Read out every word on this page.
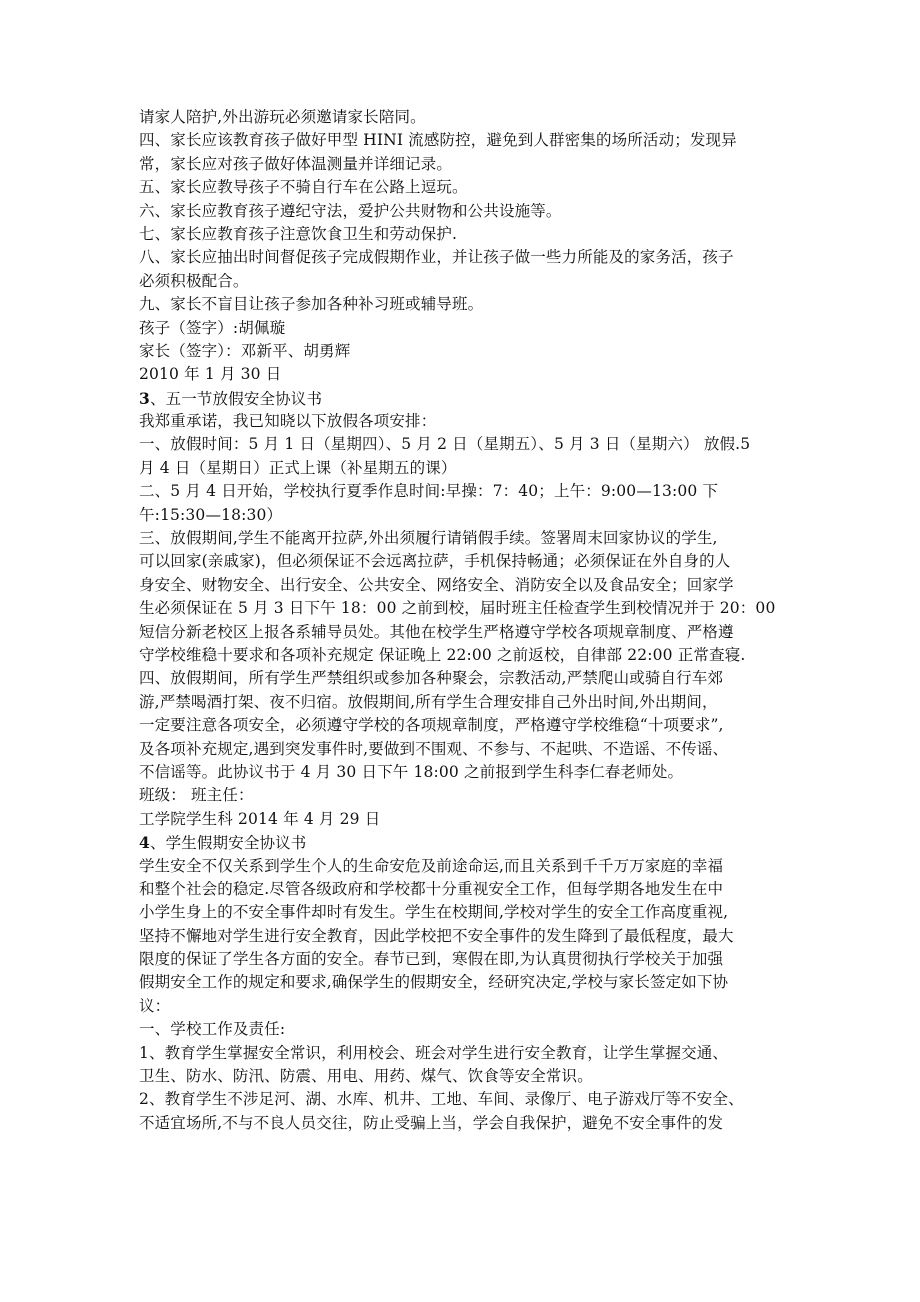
请家人陪护,外出游玩必须邀请家长陪同。
四、家长应该教育孩子做好甲型 HINI 流感防控，避免到人群密集的场所活动；发现异
常，家长应对孩子做好体温测量并详细记录。
五、家长应教导孩子不骑自行车在公路上逗玩。
六、家长应教育孩子遵纪守法，爱护公共财物和公共设施等。
七、家长应教育孩子注意饮食卫生和劳动保护.
八、家长应抽出时间督促孩子完成假期作业，并让孩子做一些力所能及的家务活，孩子
必须积极配合。
九、家长不盲目让孩子参加各种补习班或辅导班。
孩子（签字）:胡佩璇
家长（签字）：邓新平、胡勇辉
2010 年 1 月 30 日
3、五一节放假安全协议书
我郑重承诺，我已知晓以下放假各项安排：
一、放假时间：5 月 1 日（星期四）、5 月 2 日（星期五）、5 月 3 日（星期六） 放假.5
月 4 日（星期日）正式上课（补星期五的课）
二、5 月 4 日开始，学校执行夏季作息时间:早操：7：40；上午：9:00—13:00 下
午:15:30—18:30）
三、放假期间,学生不能离开拉萨,外出须履行请销假手续。签署周末回家协议的学生,
可以回家(亲戚家)，但必须保证不会远离拉萨，手机保持畅通；必须保证在外自身的人
身安全、财物安全、出行安全、公共安全、网络安全、消防安全以及食品安全；回家学
生必须保证在 5 月 3 日下午 18：00 之前到校，届时班主任检查学生到校情况并于 20：00
短信分新老校区上报各系辅导员处。其他在校学生严格遵守学校各项规章制度、严格遵
守学校维稳十要求和各项补充规定 保证晚上 22:00 之前返校，自律部 22:00 正常查寝.
四、放假期间，所有学生严禁组织或参加各种聚会，宗教活动,严禁爬山或骑自行车郊
游,严禁喝酒打架、夜不归宿。放假期间,所有学生合理安排自己外出时间,外出期间，
一定要注意各项安全，必须遵守学校的各项规章制度，严格遵守学校维稳“十项要求”,
及各项补充规定,遇到突发事件时,要做到不围观、不参与、不起哄、不造谣、不传谣、
不信谣等。此协议书于 4 月 30 日下午 18:00 之前报到学生科李仁春老师处。
班级： 班主任：
工学院学生科 2014 年 4 月 29 日
4、学生假期安全协议书
学生安全不仅关系到学生个人的生命安危及前途命运,而且关系到千千万万家庭的幸福
和整个社会的稳定.尽管各级政府和学校都十分重视安全工作，但每学期各地发生在中
小学生身上的不安全事件却时有发生。学生在校期间,学校对学生的安全工作高度重视,
坚持不懈地对学生进行安全教育，因此学校把不安全事件的发生降到了最低程度，最大
限度的保证了学生各方面的安全。春节已到，寒假在即,为认真贯彻执行学校关于加强
假期安全工作的规定和要求,确保学生的假期安全，经研究决定,学校与家长签定如下协
议：
一、学校工作及责任:
1、教育学生掌握安全常识，利用校会、班会对学生进行安全教育，让学生掌握交通、
卫生、防水、防汛、防震、用电、用药、煤气、饮食等安全常识。
2、教育学生不涉足河、湖、水库、机井、工地、车间、录像厅、电子游戏厅等不安全、
不适宜场所,不与不良人员交往，防止受骗上当，学会自我保护，避免不安全事件的发
